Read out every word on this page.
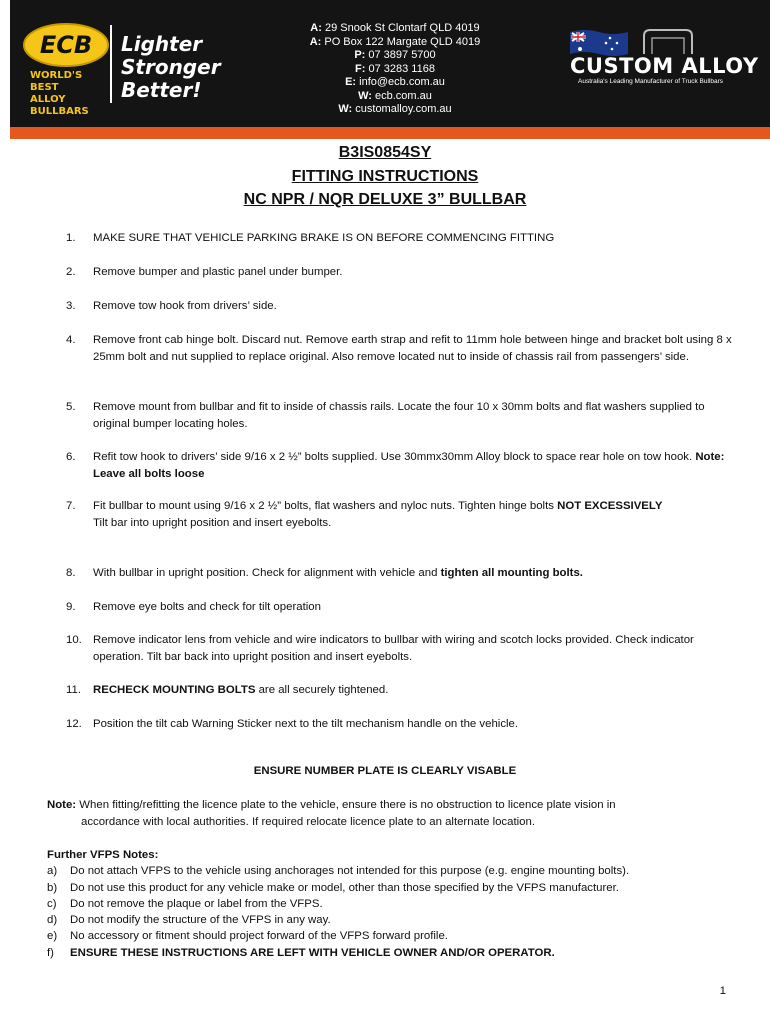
ECB
WORLD'S BEST
ALLOY BULLBARS
Lighter
Stronger
Better!
A: 29 Snook St Clontarf QLD 4019
A: PO Box 122 Margate QLD 4019
P: 07 3897 5700
F: 07 3283 1168
E: info@ecb.com.au
W: ecb.com.au
W: customalloy.com.au
CUSTOM ALLOY
Australia's Leading Manufacturer of Truck Bullbars
B3IS0854SY
FITTING INSTRUCTIONS
NC NPR / NQR DELUXE 3” BULLBAR
1.	MAKE SURE THAT VEHICLE PARKING BRAKE IS ON BEFORE COMMENCING FITTING
2.	Remove bumper and plastic panel under bumper.
3.	Remove tow hook from drivers’ side.
4.	Remove front cab hinge bolt. Discard nut. Remove earth strap and refit to 11mm hole between hinge and bracket bolt using 8 x 25mm bolt and nut supplied to replace original. Also remove located nut to inside of chassis rail from passengers’ side.
5.	Remove mount from bullbar and fit to inside of chassis rails. Locate the four 10 x 30mm bolts and flat washers supplied to original bumper locating holes.
6.	Refit tow hook to drivers’ side 9/16 x 2 ½” bolts supplied. Use 30mmx30mm Alloy block to space rear hole on tow hook. Note: Leave all bolts loose
7.	Fit bullbar to mount using 9/16 x 2 ½” bolts, flat washers and nyloc nuts. Tighten hinge bolts NOT EXCESSIVELY
Tilt bar into upright position and insert eyebolts.
8.	With bullbar in upright position. Check for alignment with vehicle and tighten all mounting bolts.
9.	Remove eye bolts and check for tilt operation
10. Remove indicator lens from vehicle and wire indicators to bullbar with wiring and scotch locks provided. Check indicator operation. Tilt bar back into upright position and insert eyebolts.
11.	RECHECK MOUNTING BOLTS are all securely tightened.
12. Position the tilt cab Warning Sticker next to the tilt mechanism handle on the vehicle.
ENSURE NUMBER PLATE IS CLEARLY VISABLE
Note: When fitting/refitting the licence plate to the vehicle, ensure there is no obstruction to licence plate vision in
accordance with local authorities. If required relocate licence plate to an alternate location.
Further VFPS Notes:
a)	Do not attach VFPS to the vehicle using anchorages not intended for this purpose (e.g. engine mounting bolts).
b)	Do not use this product for any vehicle make or model, other than those specified by the VFPS manufacturer.
c)	Do not remove the plaque or label from the VFPS.
d)	Do not modify the structure of the VFPS in any way.
e)	No accessory or fitment should project forward of the VFPS forward profile.
f)	ENSURE THESE INSTRUCTIONS ARE LEFT WITH VEHICLE OWNER AND/OR OPERATOR.
1
